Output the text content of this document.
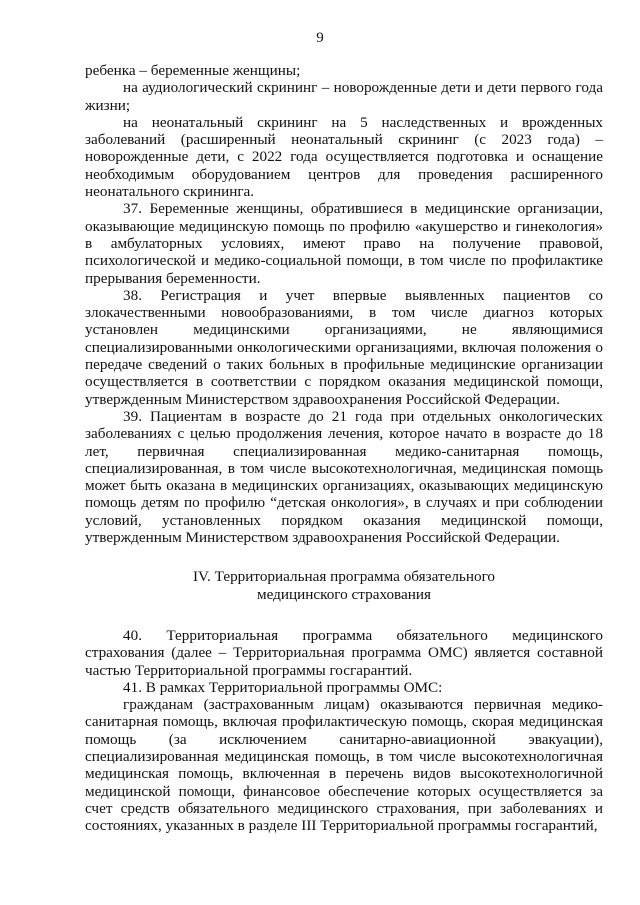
9

ребенка – беременные женщины;

на аудиологический скрининг – новорожденные дети и дети первого года жизни;

на неонатальный скрининг на 5 наследственных и врожденных заболеваний (расширенный неонатальный скрининг (с 2023 года) – новорожденные дети, с 2022 года осуществляется подготовка и оснащение необходимым оборудованием центров для проведения расширенного неонатального скрининга.

37. Беременные женщины, обратившиеся в медицинские организации, оказывающие медицинскую помощь по профилю «акушерство и гинекология» в амбулаторных условиях, имеют право на получение правовой, психологической и медико-социальной помощи, в том числе по профилактике прерывания беременности.

38. Регистрация и учет впервые выявленных пациентов со злокачественными новообразованиями, в том числе диагноз которых установлен медицинскими организациями, не являющимися специализированными онкологическими организациями, включая положения о передаче сведений о таких больных в профильные медицинские организации осуществляется в соответствии с порядком оказания медицинской помощи, утвержденным Министерством здравоохранения Российской Федерации.

39. Пациентам в возрасте до 21 года при отдельных онкологических заболеваниях с целью продолжения лечения, которое начато в возрасте до 18 лет, первичная специализированная медико-санитарная помощь, специализированная, в том числе высокотехнологичная, медицинская помощь может быть оказана в медицинских организациях, оказывающих медицинскую помощь детям по профилю “детская онкология», в случаях и при соблюдении условий, установленных порядком оказания медицинской помощи, утвержденным Министерством здравоохранения Российской Федерации.

IV. Территориальная программа обязательного
медицинского страхования

40. Территориальная программа обязательного медицинского страхования (далее – Территориальная программа ОМС) является составной частью Территориальной программы госгарантий.

41. В рамках Территориальной программы ОМС:

гражданам (застрахованным лицам) оказываются первичная медико-санитарная помощь, включая профилактическую помощь, скорая медицинская помощь (за исключением санитарно-авиационной эвакуации), специализированная медицинская помощь, в том числе высокотехнологичная медицинская помощь, включенная в перечень видов высокотехнологичной медицинской помощи, финансовое обеспечение которых осуществляется за счет средств обязательного медицинского страхования, при заболеваниях и состояниях, указанных в разделе III Территориальной программы госгарантий,
